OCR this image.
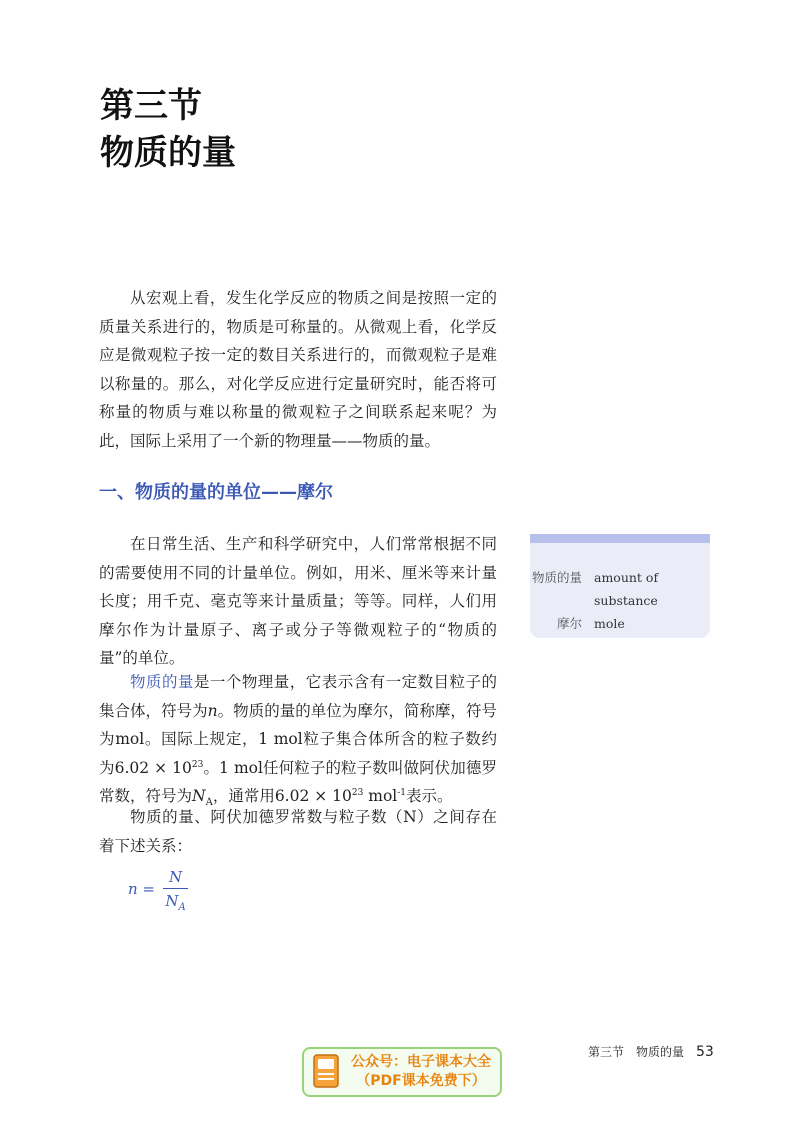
第三节
物质的量

从宏观上看，发生化学反应的物质之间是按照一定的质量关系进行的，物质是可称量的。从微观上看，化学反应是微观粒子按一定的数目关系进行的，而微观粒子是难以称量的。那么，对化学反应进行定量研究时，能否将可称量的物质与难以称量的微观粒子之间联系起来呢？为此，国际上采用了一个新的物理量——物质的量。

一、物质的量的单位——摩尔

在日常生活、生产和科学研究中，人们常常根据不同的需要使用不同的计量单位。例如，用米、厘米等来计量长度；用千克、毫克等来计量质量；等等。同样，人们用摩尔作为计量原子、离子或分子等微观粒子的“物质的量”的单位。

物质的量是一个物理量，它表示含有一定数目粒子的集合体，符号为n。物质的量的单位为摩尔，简称摩，符号为mol。国际上规定，1 mol粒子集合体所含的粒子数约为$6.02 \times 10^{23}$。1 mol任何粒子的粒子数叫做阿伏加德罗常数，符号为$N_A$，通常用$6.02 \times 10^{23}$ mol$^{-1}$表示。

物质的量、阿伏加德罗常数与粒子数（N）之间存在着下述关系：

$n = \frac{N}{N_A}$
物质的量 amount of
substance
摩尔 mole
第三节　物质的量 53
公众号：电子课本大全
（PDF课本免费下）
